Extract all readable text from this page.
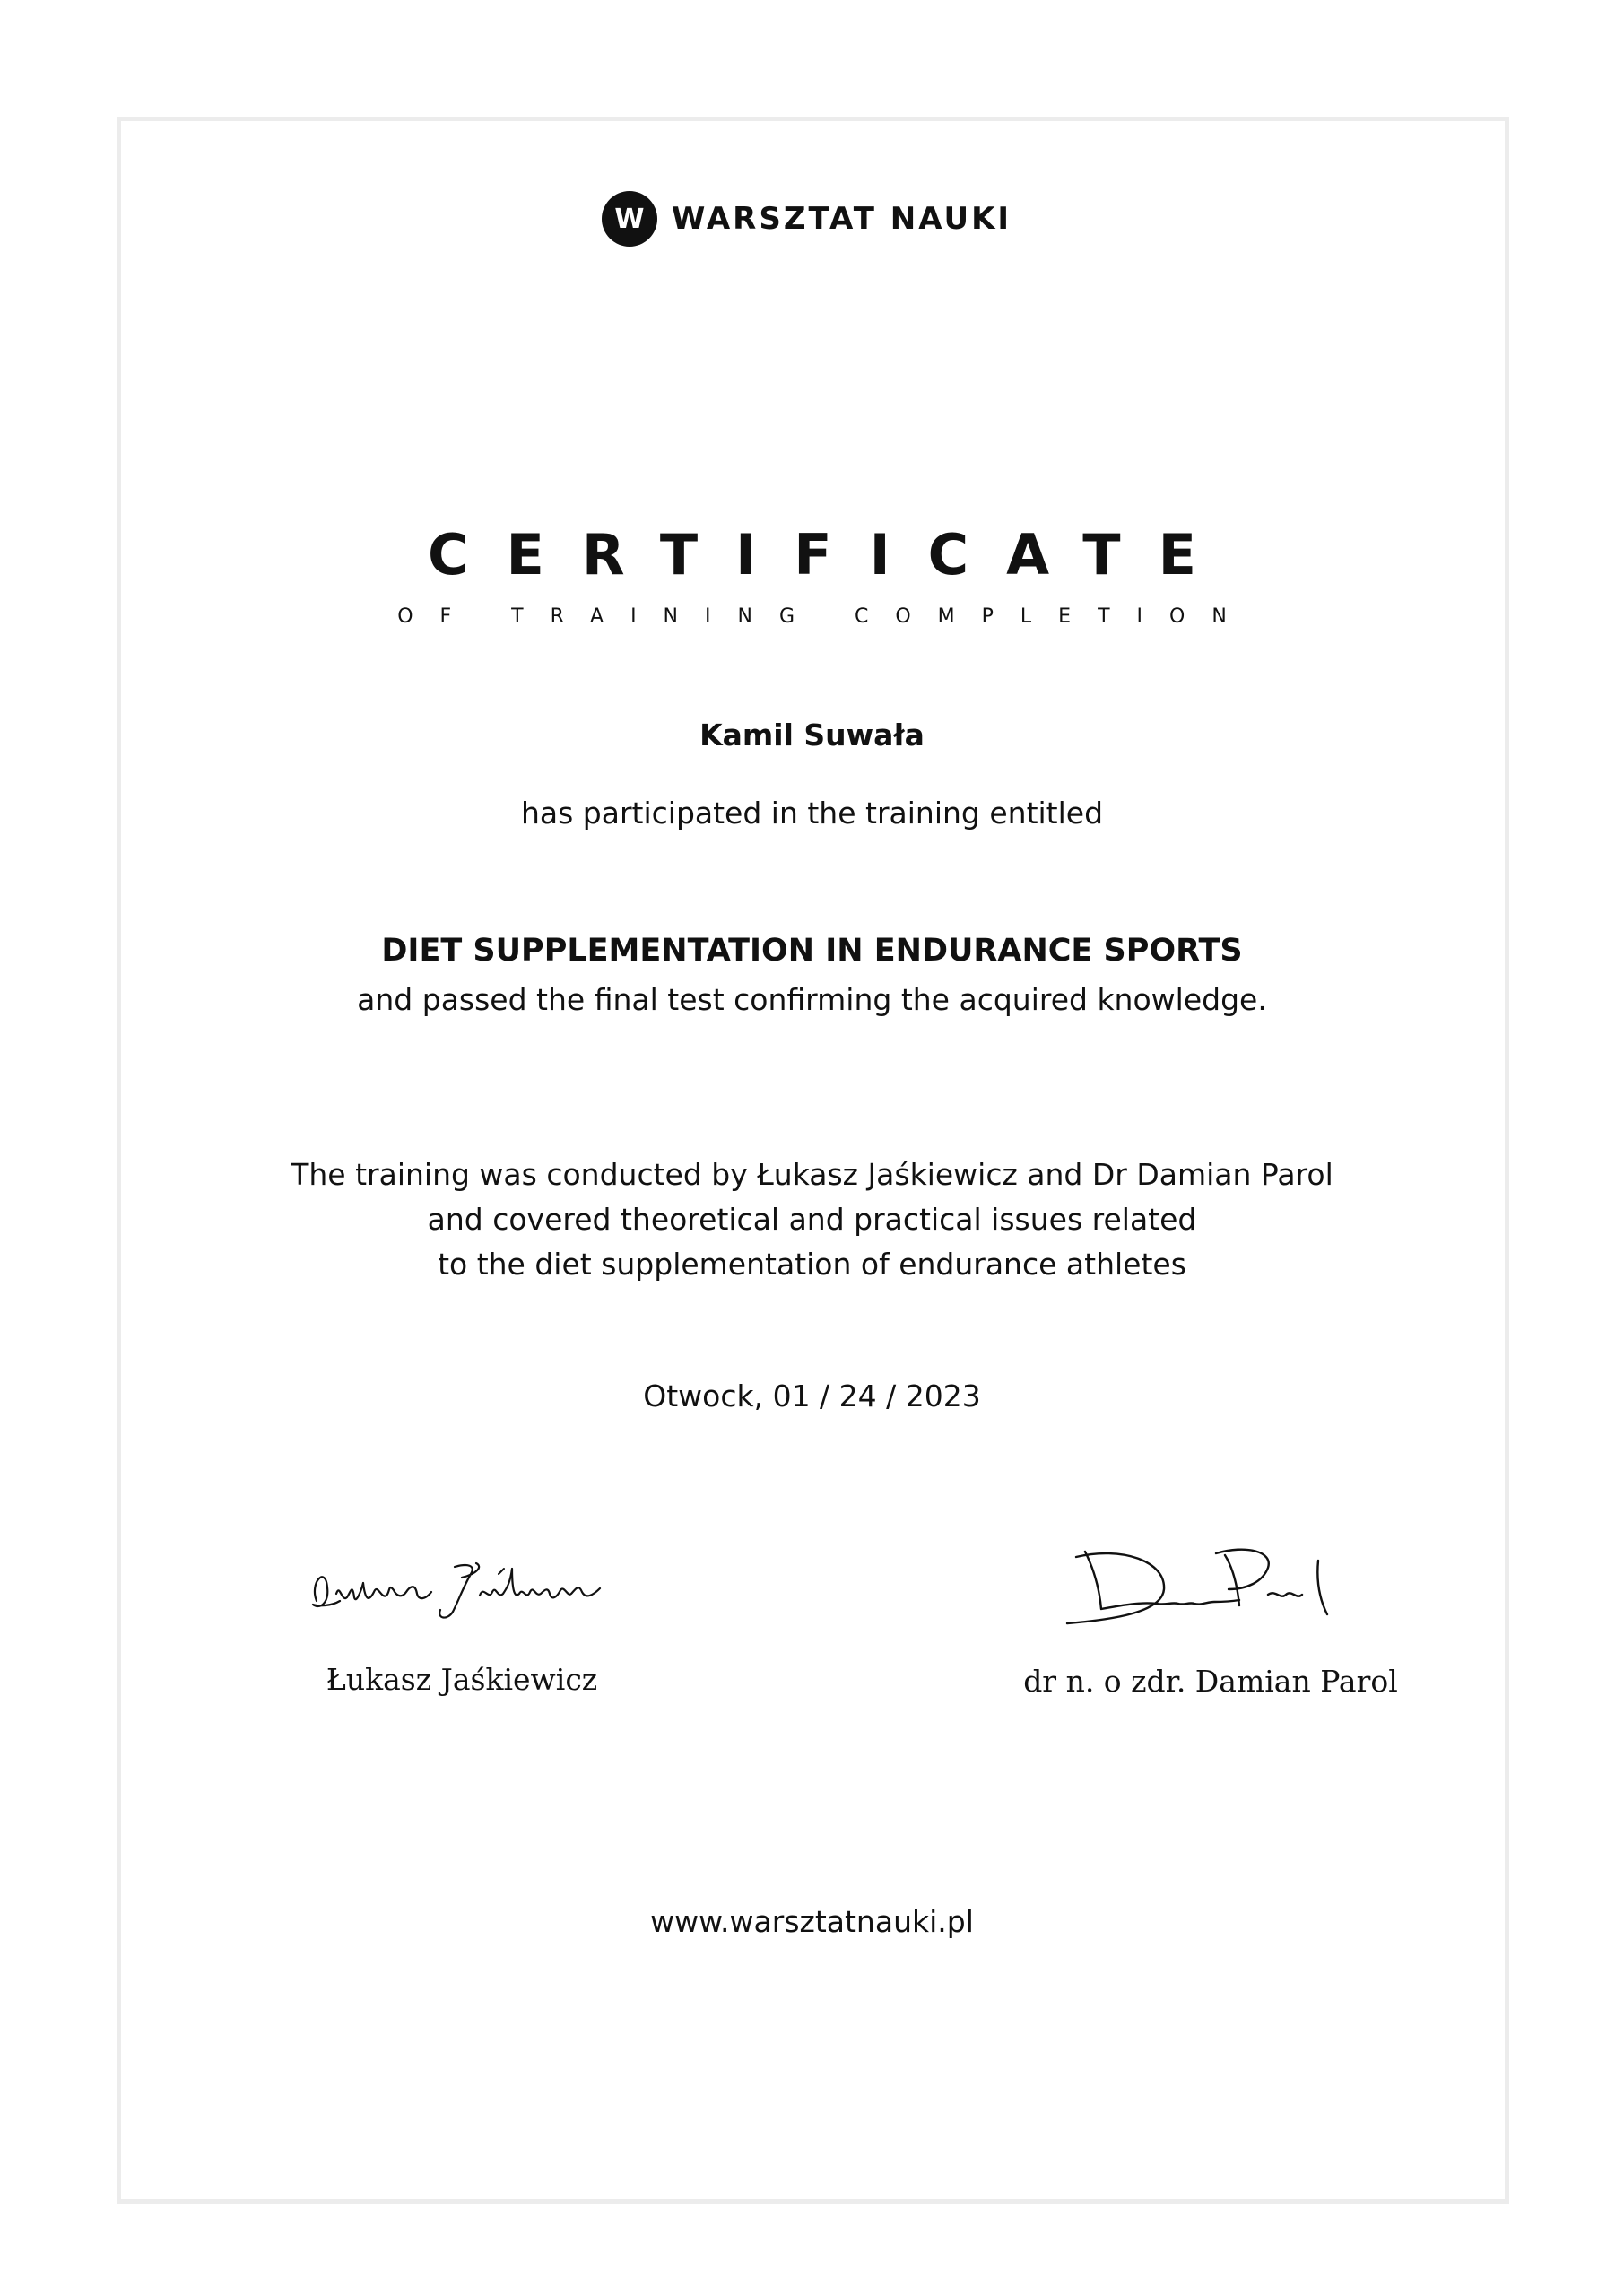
W WARSZTAT NAUKI
CERTIFICATE
OF TRAINING COMPLETION
Kamil Suwała
has participated in the training entitled
DIET SUPPLEMENTATION IN ENDURANCE SPORTS
and passed the final test confirming the acquired knowledge.
The training was conducted by Łukasz Jaśkiewicz and Dr Damian Parol
and covered theoretical and practical issues related
to the diet supplementation of endurance athletes
Otwock, 01 / 24 / 2023
Łukasz Jaśkiewicz	dr n. o zdr. Damian Parol
www.warsztatnauki.pl
